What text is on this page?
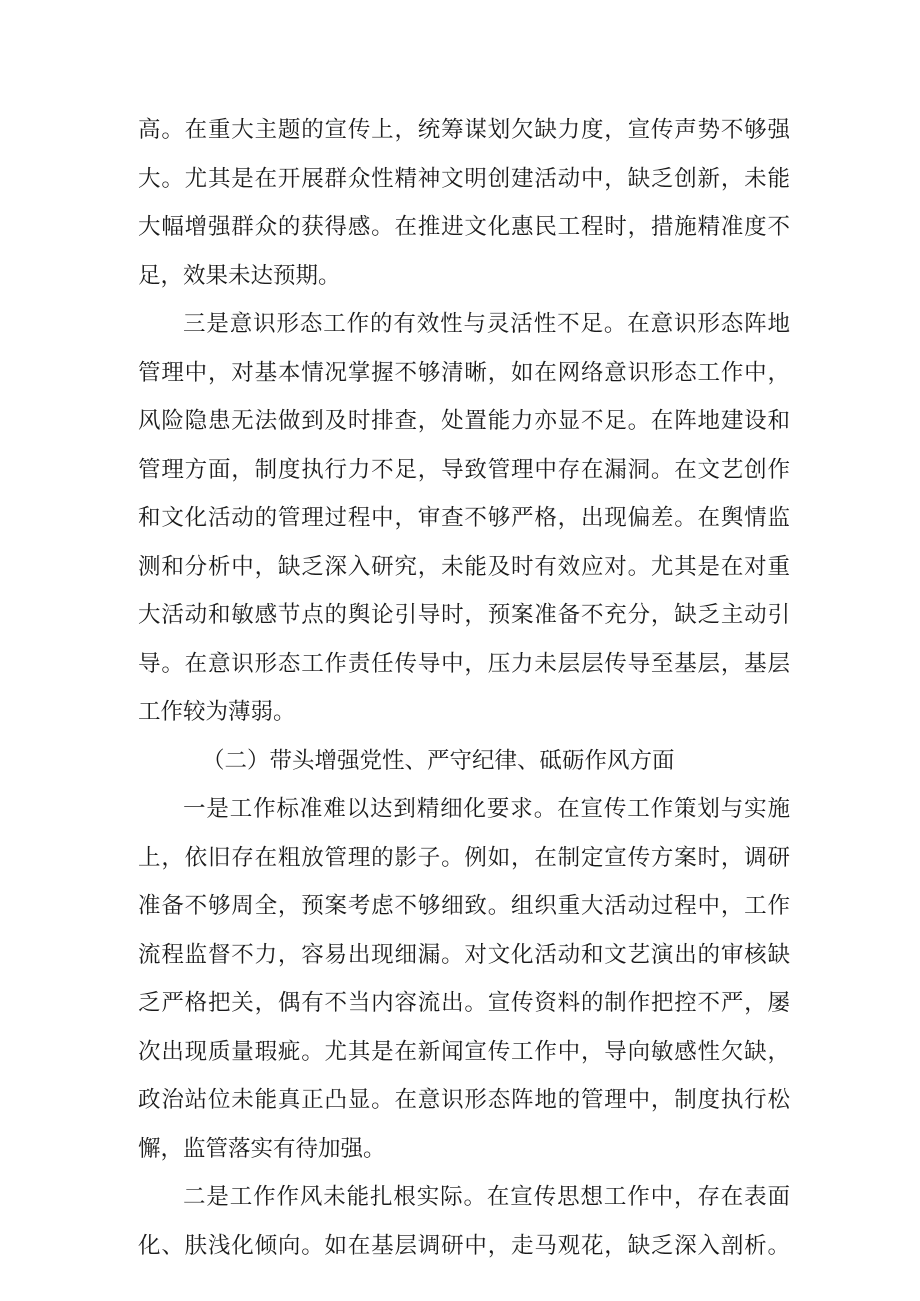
高。在重大主题的宣传上，统筹谋划欠缺力度，宣传声势不够强
大。尤其是在开展群众性精神文明创建活动中，缺乏创新，未能
大幅增强群众的获得感。在推进文化惠民工程时，措施精准度不
足，效果未达预期。
三是意识形态工作的有效性与灵活性不足。在意识形态阵地
管理中，对基本情况掌握不够清晰，如在网络意识形态工作中，
风险隐患无法做到及时排查，处置能力亦显不足。在阵地建设和
管理方面，制度执行力不足，导致管理中存在漏洞。在文艺创作
和文化活动的管理过程中，审查不够严格，出现偏差。在舆情监
测和分析中，缺乏深入研究，未能及时有效应对。尤其是在对重
大活动和敏感节点的舆论引导时，预案准备不充分，缺乏主动引
导。在意识形态工作责任传导中，压力未层层传导至基层，基层
工作较为薄弱。
（二）带头增强党性、严守纪律、砥砺作风方面
一是工作标准难以达到精细化要求。在宣传工作策划与实施
上，依旧存在粗放管理的影子。例如，在制定宣传方案时，调研
准备不够周全，预案考虑不够细致。组织重大活动过程中，工作
流程监督不力，容易出现细漏。对文化活动和文艺演出的审核缺
乏严格把关，偶有不当内容流出。宣传资料的制作把控不严，屡
次出现质量瑕疵。尤其是在新闻宣传工作中，导向敏感性欠缺，
政治站位未能真正凸显。在意识形态阵地的管理中，制度执行松
懈，监管落实有待加强。
二是工作作风未能扎根实际。在宣传思想工作中，存在表面
化、肤浅化倾向。如在基层调研中，走马观花，缺乏深入剖析。
